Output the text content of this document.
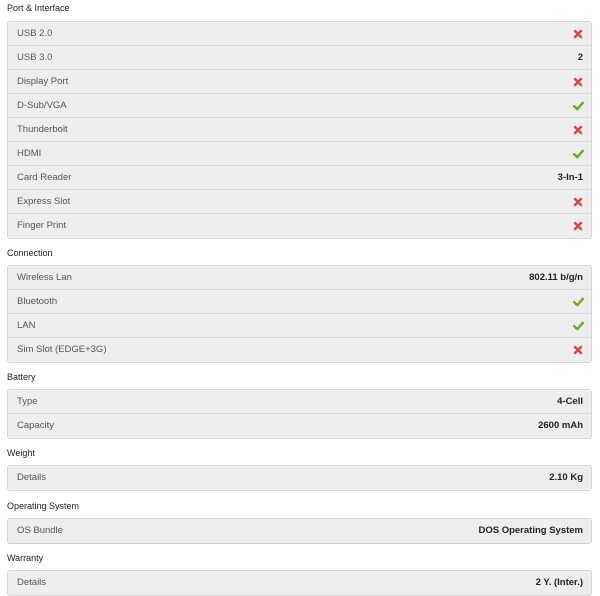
Port & Interface
USB 2.0
USB 3.0	2
Display Port
D-Sub/VGA
Thunderbolt
HDMI
Card Reader	3-In-1
Express Slot
Finger Print
Connection
Wireless Lan	802.11 b/g/n
Bluetooth
LAN
Sim Slot (EDGE+3G)
Battery
Type	4-Cell
Capacity	2600 mAh
Weight
Details	2.10 Kg
Operating System
OS Bundle	DOS Operating System
Warranty
Details	2 Y. (Inter.)
